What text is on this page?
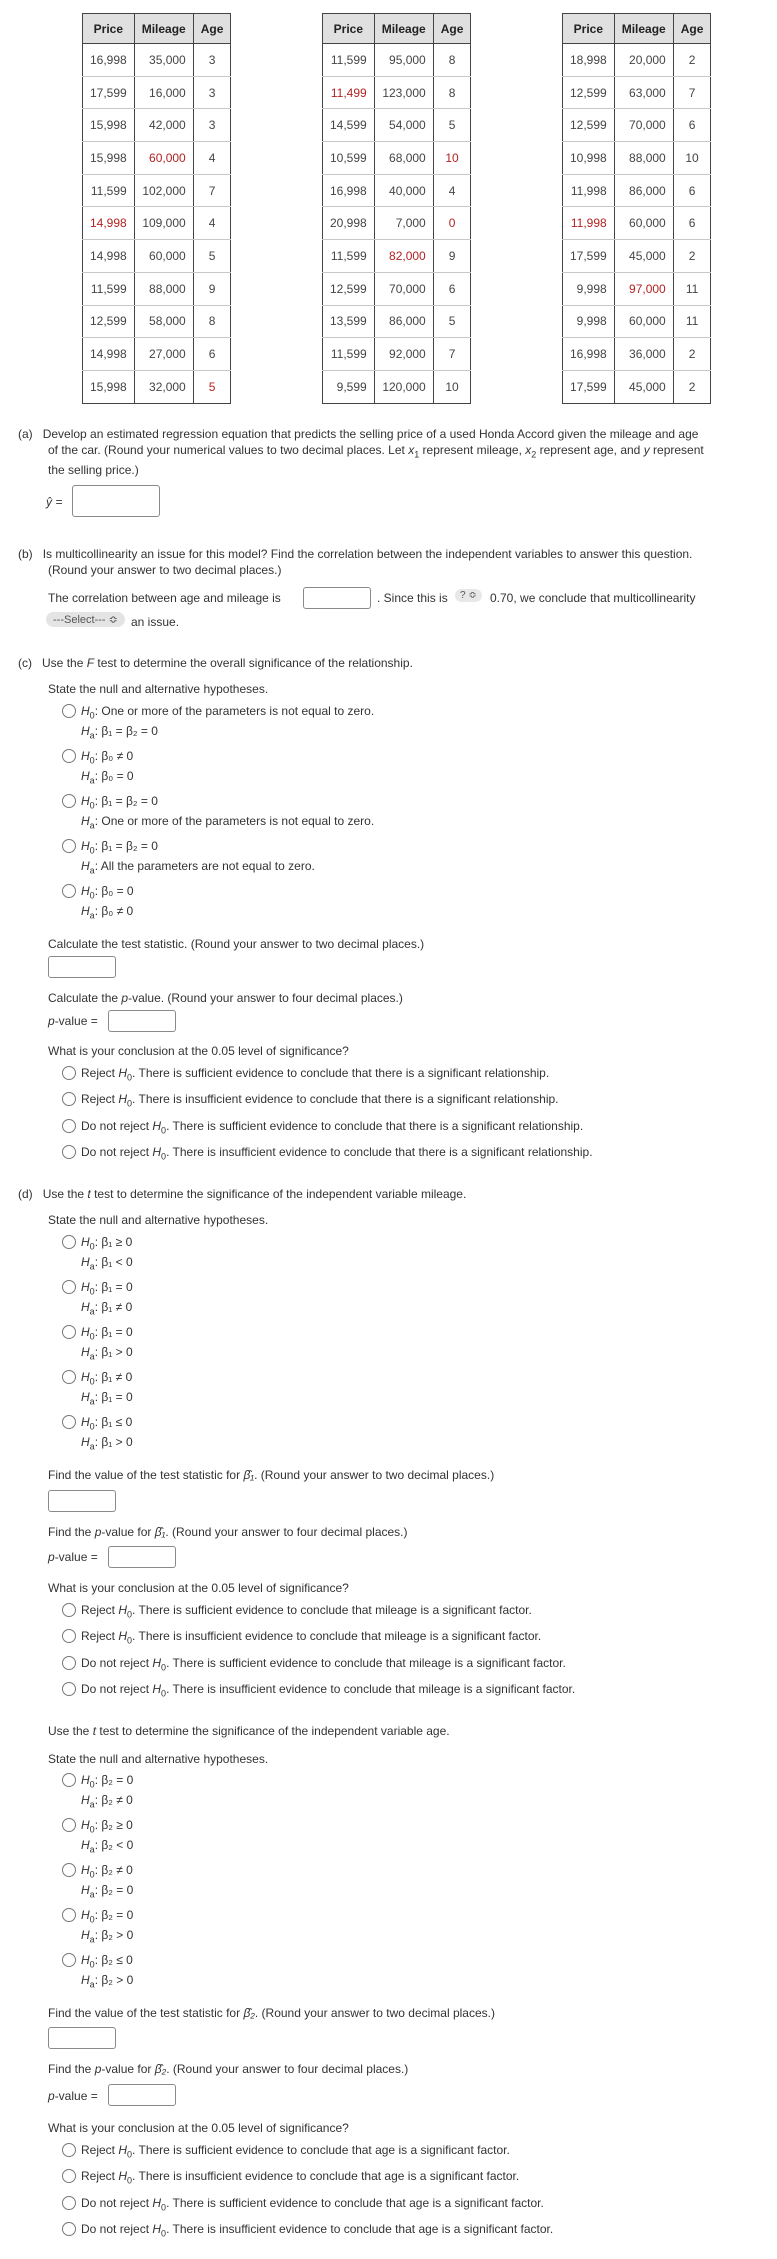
Price	Mileage	Age
16,998	35,000	3
17,599	16,000	3
15,998	42,000	3
15,998	60,000	4
11,599	102,000	7
14,998	109,000	4
14,998	60,000	5
11,599	88,000	9
12,599	58,000	8
14,998	27,000	6
15,998	32,000	5
Price	Mileage	Age
11,599	95,000	8
11,499	123,000	8
14,599	54,000	5
10,599	68,000	10
16,998	40,000	4
20,998	7,000	0
11,599	82,000	9
12,599	70,000	6
13,599	86,000	5
11,599	92,000	7
9,599	120,000	10
Price	Mileage	Age
18,998	20,000	2
12,599	63,000	7
12,599	70,000	6
10,998	88,000	10
11,998	86,000	6
11,998	60,000	6
17,599	45,000	2
9,998	97,000	11
9,998	60,000	11
16,998	36,000	2
17,599	45,000	2
(a) Develop an estimated regression equation that predicts the selling price of a used Honda Accord given the mileage and age
of the car. (Round your numerical values to two decimal places. Let $x_1$ represent mileage, $x_2$ represent age, and y represent
the selling price.)
ŷ =
(b) Is multicollinearity an issue for this model? Find the correlation between the independent variables to answer this question.
(Round your answer to two decimal places.)
The correlation between age and mileage is	. Since this is	? ≎	0.70, we conclude that multicollinearity
---Select--- ≎	an issue.
(c) Use the F test to determine the overall significance of the relationship.
State the null and alternative hypotheses.
$H_0$: One or more of the parameters is not equal to zero.
$H_a$: β₁ = β₂ = 0
$H_0$: β₀ ≠ 0
$H_a$: β₀ = 0
$H_0$: β₁ = β₂ = 0
$H_a$: One or more of the parameters is not equal to zero.
$H_0$: β₁ = β₂ = 0
$H_a$: All the parameters are not equal to zero.
$H_0$: β₀ = 0
$H_a$: β₀ ≠ 0
Calculate the test statistic. (Round your answer to two decimal places.)
Calculate the p-value. (Round your answer to four decimal places.)
p-value =
What is your conclusion at the 0.05 level of significance?
Reject $H_0$. There is sufficient evidence to conclude that there is a significant relationship.
Reject $H_0$. There is insufficient evidence to conclude that there is a significant relationship.
Do not reject $H_0$. There is sufficient evidence to conclude that there is a significant relationship.
Do not reject $H_0$. There is insufficient evidence to conclude that there is a significant relationship.
(d) Use the t test to determine the significance of the independent variable mileage.
State the null and alternative hypotheses.
$H_0$: β₁ ≥ 0
$H_a$: β₁ < 0
$H_0$: β₁ = 0
$H_a$: β₁ ≠ 0
$H_0$: β₁ = 0
$H_a$: β₁ > 0
$H_0$: β₁ ≠ 0
$H_a$: β₁ = 0
$H_0$: β₁ ≤ 0
$H_a$: β₁ > 0
Find the value of the test statistic for β̂₁. (Round your answer to two decimal places.)
Find the p-value for β̂₁. (Round your answer to four decimal places.)
p-value =
What is your conclusion at the 0.05 level of significance?
Reject $H_0$. There is sufficient evidence to conclude that mileage is a significant factor.
Reject $H_0$. There is insufficient evidence to conclude that mileage is a significant factor.
Do not reject $H_0$. There is sufficient evidence to conclude that mileage is a significant factor.
Do not reject $H_0$. There is insufficient evidence to conclude that mileage is a significant factor.
Use the t test to determine the significance of the independent variable age.
State the null and alternative hypotheses.
$H_0$: β₂ = 0
$H_a$: β₂ ≠ 0
$H_0$: β₂ ≥ 0
$H_a$: β₂ < 0
$H_0$: β₂ ≠ 0
$H_a$: β₂ = 0
$H_0$: β₂ = 0
$H_a$: β₂ > 0
$H_0$: β₂ ≤ 0
$H_a$: β₂ > 0
Find the value of the test statistic for β̂₂. (Round your answer to two decimal places.)
Find the p-value for β̂₂. (Round your answer to four decimal places.)
p-value =
What is your conclusion at the 0.05 level of significance?
Reject $H_0$. There is sufficient evidence to conclude that age is a significant factor.
Reject $H_0$. There is insufficient evidence to conclude that age is a significant factor.
Do not reject $H_0$. There is sufficient evidence to conclude that age is a significant factor.
Do not reject $H_0$. There is insufficient evidence to conclude that age is a significant factor.
